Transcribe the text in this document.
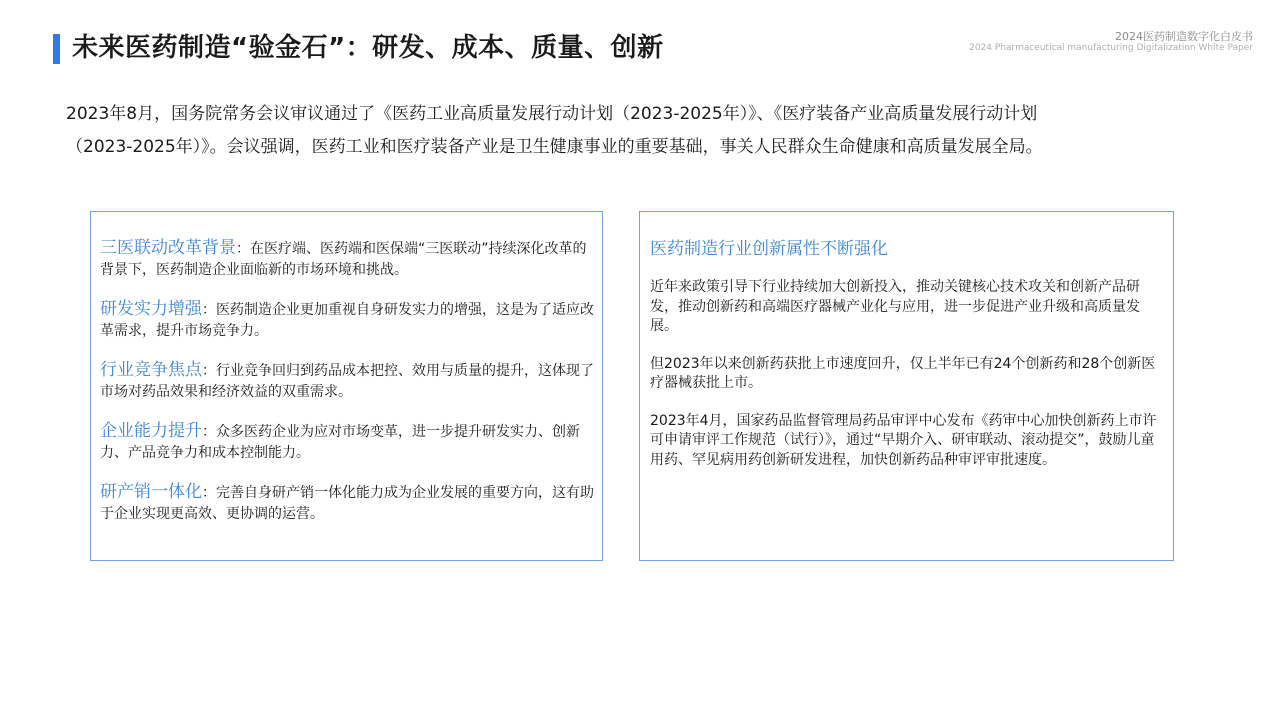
未来医药制造“验金石”：研发、成本、质量、创新	2024医药制造数字化白皮书
2024 Pharmaceutical manufacturing Digitalization White Paper

2023年8月，国务院常务会议审议通过了《医药工业高质量发展行动计划（2023-2025年）》、《医疗装备产业高质量发展行动计划

（2023-2025年）》。会议强调，医药工业和医疗装备产业是卫生健康事业的重要基础，事关人民群众生命健康和高质量发展全局。

三医联动改革背景：在医疗端、医药端和医保端“三医联动”持续深化改革的背景下，医药制造企业面临新的市场环境和挑战。
研发实力增强：医药制造企业更加重视自身研发实力的增强，这是为了适应改革需求，提升市场竞争力。
行业竞争焦点：行业竞争回归到药品成本把控、效用与质量的提升，这体现了市场对药品效果和经济效益的双重需求。
企业能力提升：众多医药企业为应对市场变革，进一步提升研发实力、创新力、产品竞争力和成本控制能力。
研产销一体化：完善自身研产销一体化能力成为企业发展的重要方向，这有助于企业实现更高效、更协调的运营。
医药制造行业创新属性不断强化

近年来政策引导下行业持续加大创新投入，推动关键核心技术攻关和创新产品研发，推动创新药和高端医疗器械产业化与应用，进一步促进产业升级和高质量发展。

但2023年以来创新药获批上市速度回升，仅上半年已有24个创新药和28个创新医疗器械获批上市。

2023年4月，国家药品监督管理局药品审评中心发布《药审中心加快创新药上市许可申请审评工作规范（试行）》，通过“早期介入、研审联动、滚动提交”，鼓励儿童用药、罕见病用药创新研发进程，加快创新药品种审评审批速度。
